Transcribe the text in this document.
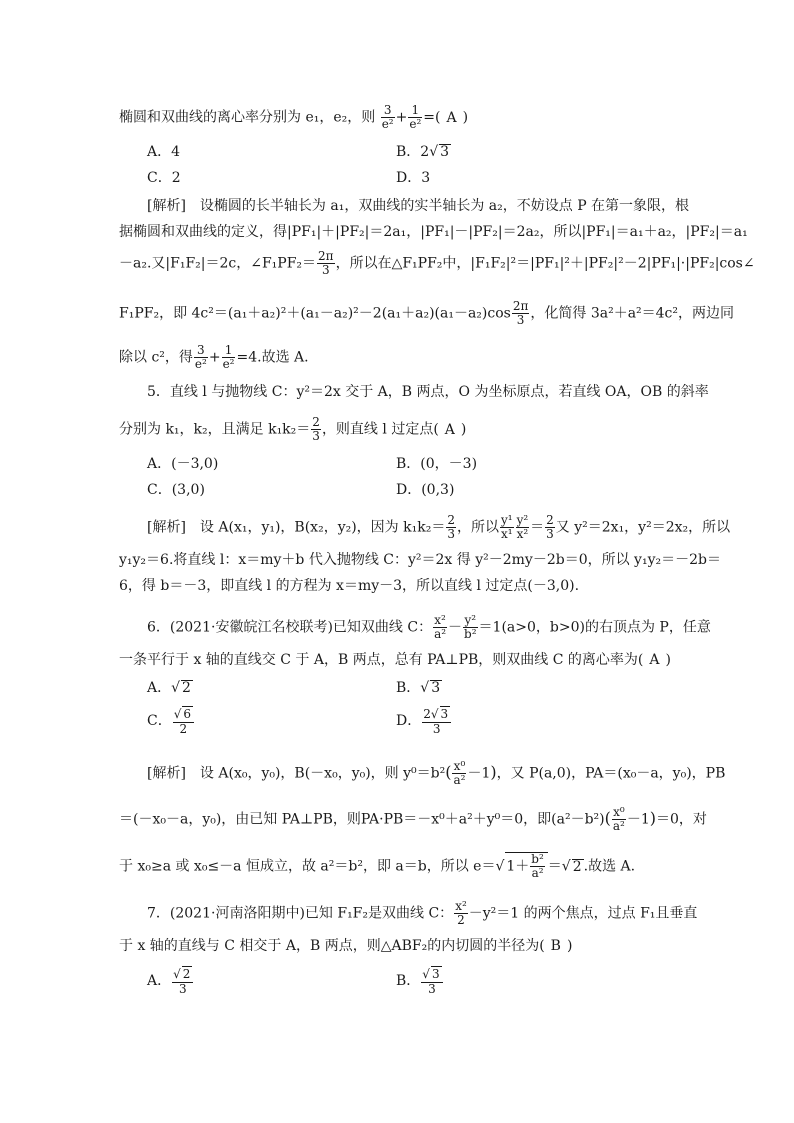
椭圆和双曲线的离心率分别为 e₁，e₂，则 $\frac{3}{\text{e²}} + \frac{1}{\text{e²}}$ =( A )
A．4	B．2√ 3
C．2	D．3
[解析]　设椭圆的长半轴长为 a₁，双曲线的实半轴长为 a₂，不妨设点 P 在第一象限，根
据椭圆和双曲线的定义，得|PF₁|＋|PF₂|＝2a₁，|PF₁|－|PF₂|＝2a₂，所以|PF₁|＝a₁＋a₂，|PF₂|＝a₁
－a₂.又|F₁F₂|＝2c，∠F₁PF₂＝ $\frac{2\pi}{3}$ ，所以在△F₁PF₂中，|F₁F₂|²＝|PF₁|²＋|PF₂|²－2|PF₁|·|PF₂|cos∠
F₁PF₂，即 $4c^2=(a_1+a_2)^2+(a_1-a_2)^2-2(a_1+a_2)(a_1-a_2)\cos \frac{2\pi}{3}$ ，化简得 3a²＋a²＝4c²，两边同
除以 c²，得 $\frac{3}{\text{e²}} + \frac{1}{\text{e²}} =4$.故选 A.
5．直线 l 与抛物线 C：y²＝2x 交于 A，B 两点，O 为坐标原点，若直线 OA，OB 的斜率
分别为 k₁，k₂，且满足 $k_1k_2= \frac{2}{3}$ ，则直线 l 过定点( A )
A．(－3,0)	B．(0，－3)
C．(3,0)	D．(0,3)
[解析]　设 A(x₁，y₁)，B(x₂，y₂)，因为 $k_1k_2= \frac{2}{3}$ ，所以 $\frac{\text{y¹}}{\text{x¹}} \frac{\text{y²}}{\text{x²}} = \frac{2}{3}$ 又 y²＝2x₁，y²＝2x₂，所以
y₁y₂＝6.将直线 l：x＝my＋b 代入抛物线 C：y²＝2x 得 y²－2my－2b＝0，所以 y₁y₂＝－2b＝
6，得 b＝－3，即直线 l 的方程为 x＝my－3，所以直线 l 过定点(－3,0).
6．(2021·安徽皖江名校联考)已知双曲线 C： $\frac{\text{x²}}{\text{a²}} - \frac{\text{y²}}{\text{b²}} =1(a>0$，b>0)的右顶点为 P，任意
一条平行于 x 轴的直线交 C 于 A，B 两点，总有 PA⊥PB，则双曲线 C 的离心率为( A )
A．√ 2	B．√ 3
C． $\frac{√ 6}{2}$	D． $\frac{2√ 3}{3}$
[解析]　设 A(x₀，y₀)，B(－x₀，y₀)，则 $y^0=b^2( \frac{\text{x⁰}}{\text{a²}} -1)$，又 P(a,0)，PA＝(x₀－a，y₀)，PB
＝(－x₀－a，y₀)，由已知 PA⊥PB，则PA·PB＝－x⁰＋a²＋y⁰＝0，即$(a^2-b^2)( \frac{\text{x⁰}}{\text{a²}} -1)=0$，对
于 x₀≥a 或 x₀≤－a 恒成立，故 a²＝b²，即 a＝b，所以 e＝√ $1+ \frac{\text{b²}}{\text{a²}}$ ＝√ 2 .故选 A.
7．(2021·河南洛阳期中)已知 F₁F₂是双曲线 C： $\frac{\text{x²}}{2} -y^2=1$ 的两个焦点，过点 F₁且垂直
于 x 轴的直线与 C 相交于 A，B 两点，则△ABF₂的内切圆的半径为( B )
A． $\frac{√ 2}{3}$	B． $\frac{√ 3}{3}$
